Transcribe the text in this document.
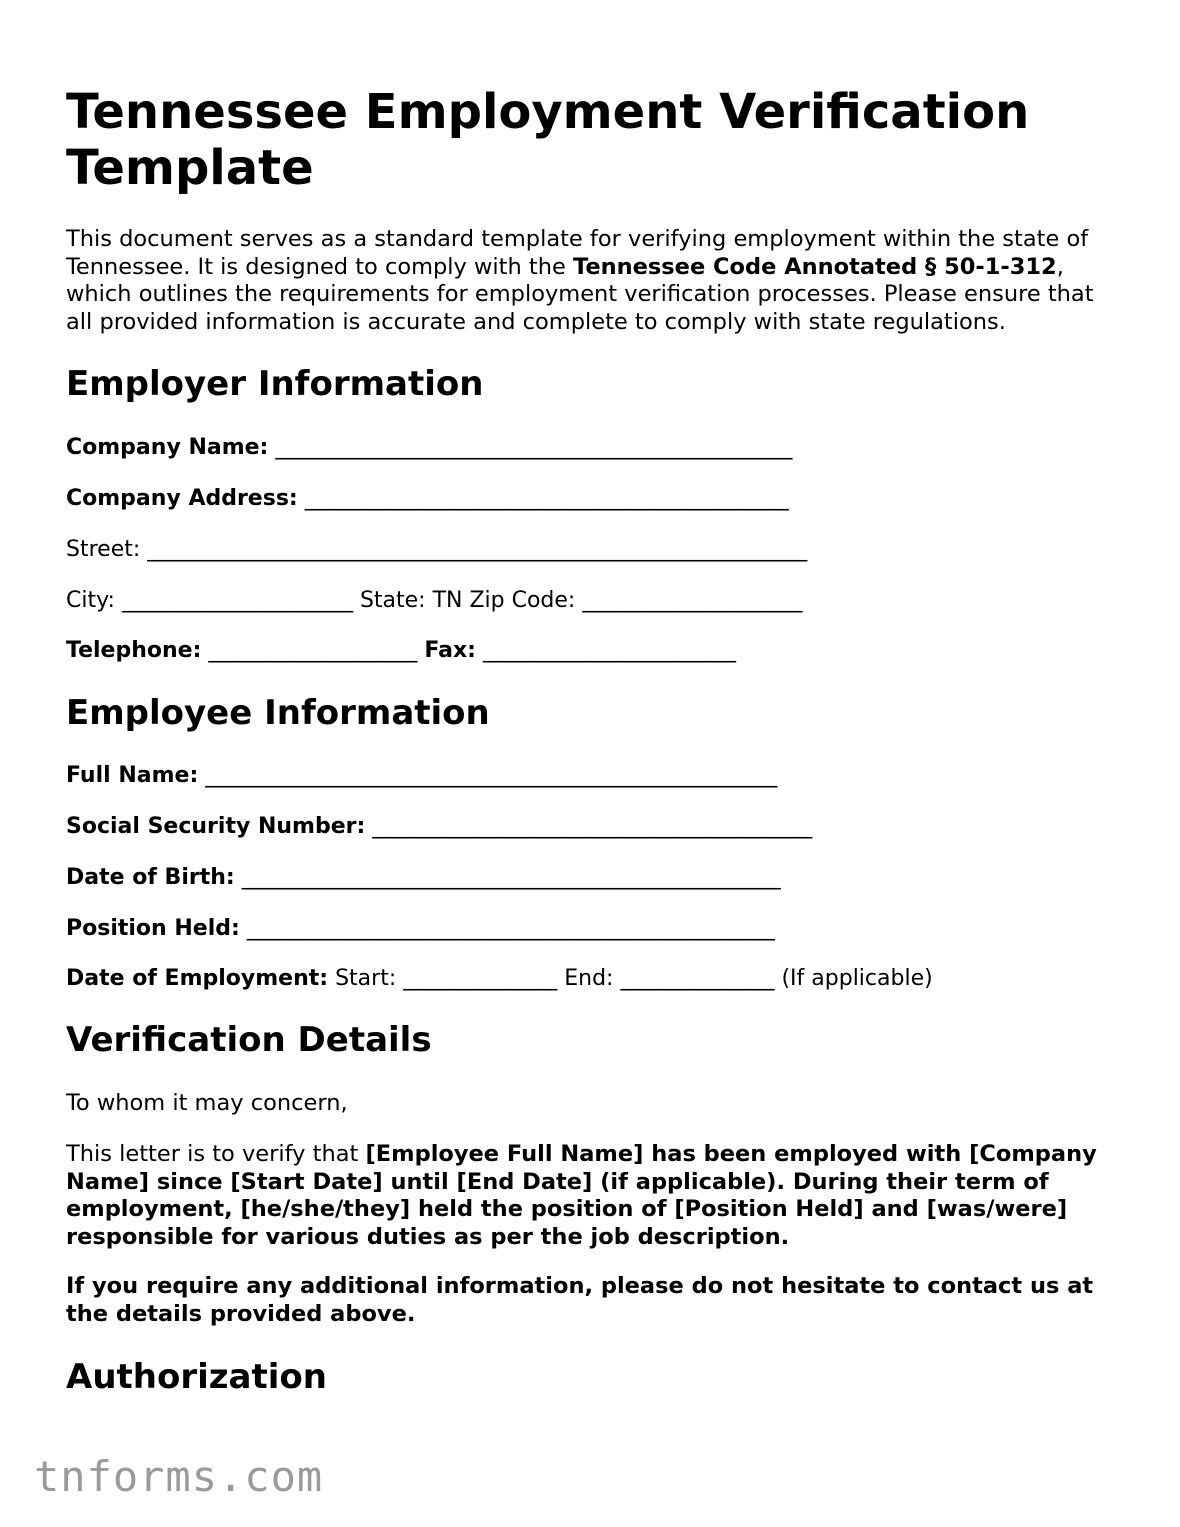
Tennessee Employment Verification Template

This document serves as a standard template for verifying employment within the state of Tennessee. It is designed to comply with the Tennessee Code Annotated § 50-1-312, which outlines the requirements for employment verification processes. Please ensure that all provided information is accurate and complete to comply with state regulations.

Employer Information
Company Name: _______________________________________________
Company Address: ____________________________________________
Street: ____________________________________________________________
City: _____________________ State: TN Zip Code: ____________________
Telephone: ___________________ Fax: _______________________
Employee Information
Full Name: ____________________________________________________
Social Security Number: ________________________________________
Date of Birth: _________________________________________________
Position Held: ________________________________________________
Date of Employment: Start: ______________ End: ______________ (If applicable)
Verification Details

To whom it may concern,

This letter is to verify that [Employee Full Name] has been employed with [Company Name] since [Start Date] until [End Date] (if applicable). During their term of employment, [he/she/they] held the position of [Position Held] and [was/were] responsible for various duties as per the job description.

If you require any additional information, please do not hesitate to contact us at the details provided above.

Authorization
tnforms.com
